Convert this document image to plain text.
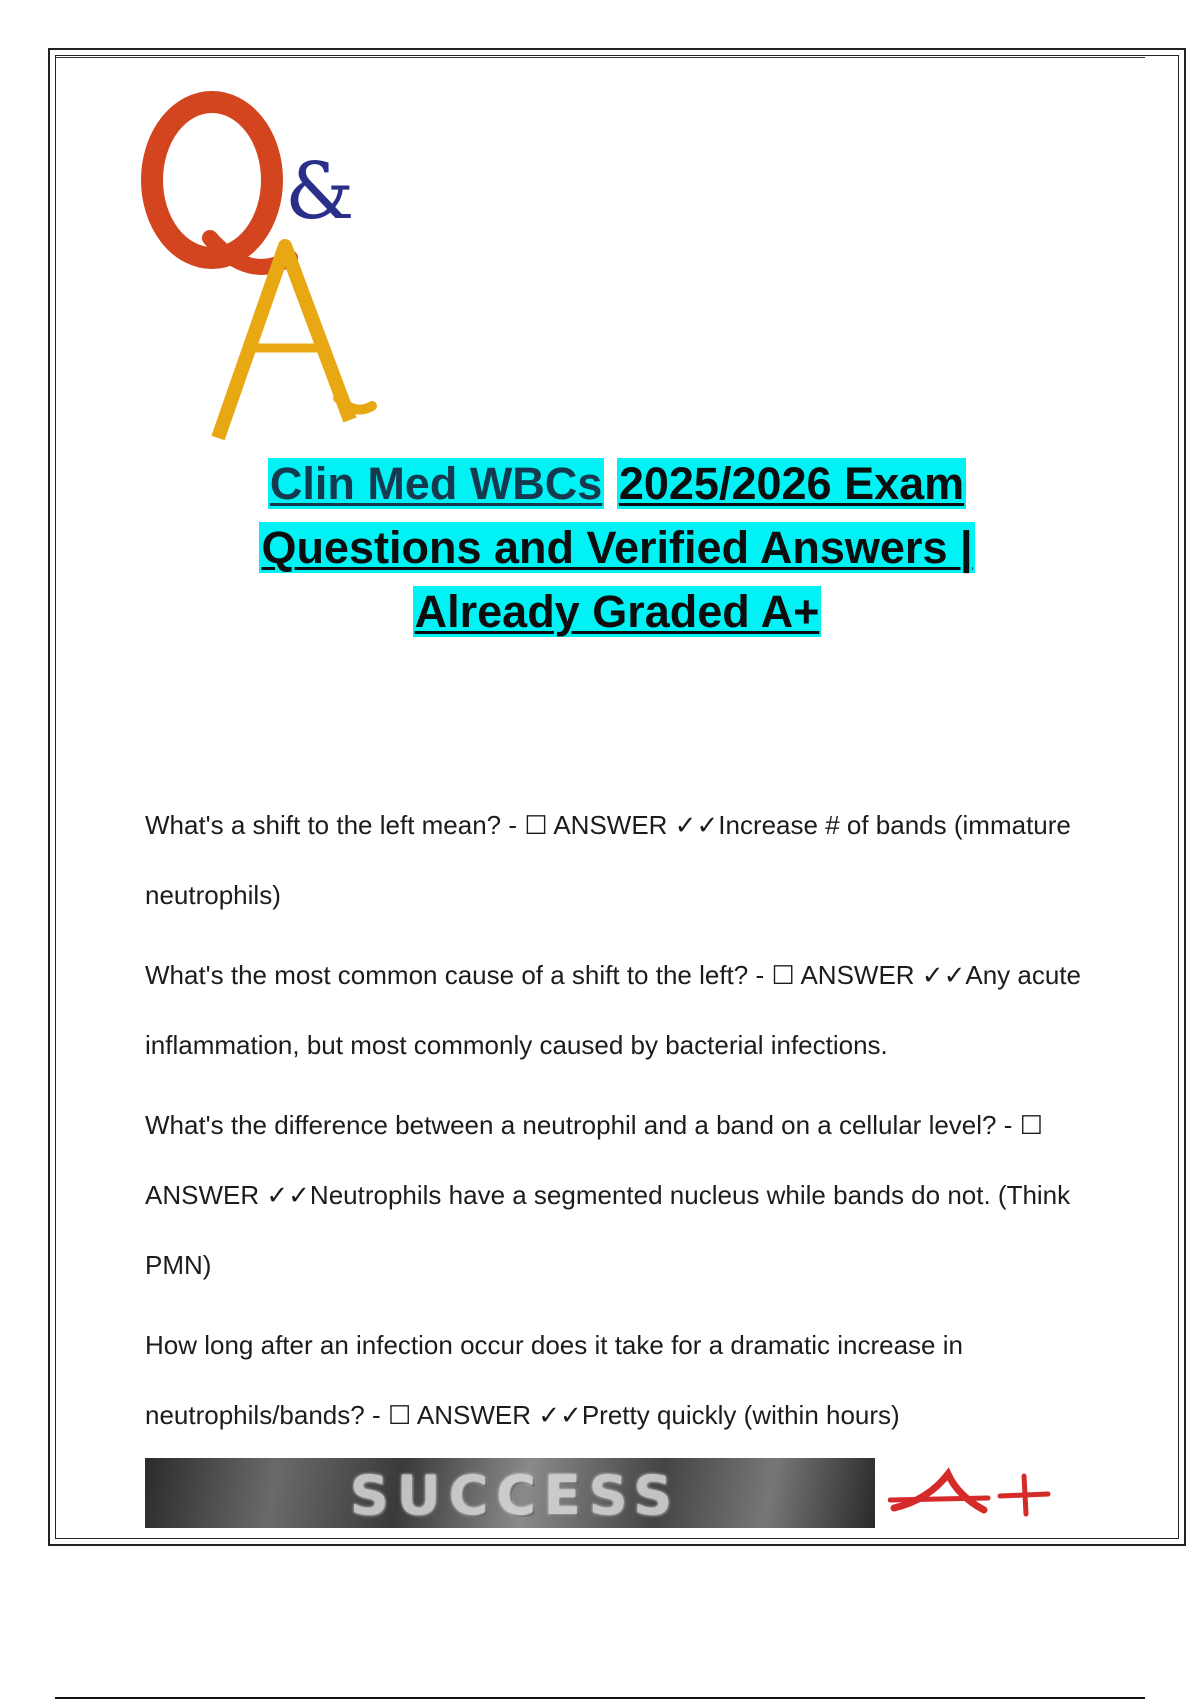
&
Clin Med WBCs 2025/2026 Exam
Questions and Verified Answers |
Already Graded A+
What's a shift to the left mean? - ☐ ANSWER ✓✓Increase # of bands (immature neutrophils)
What's the most common cause of a shift to the left? - ☐ ANSWER ✓✓Any acute inflammation, but most commonly caused by bacterial infections.
What's the difference between a neutrophil and a band on a cellular level? - ☐ ANSWER ✓✓Neutrophils have a segmented nucleus while bands do not. (Think PMN)
How long after an infection occur does it take for a dramatic increase in neutrophils/bands? - ☐ ANSWER ✓✓Pretty quickly (within hours)
SUCCESS
